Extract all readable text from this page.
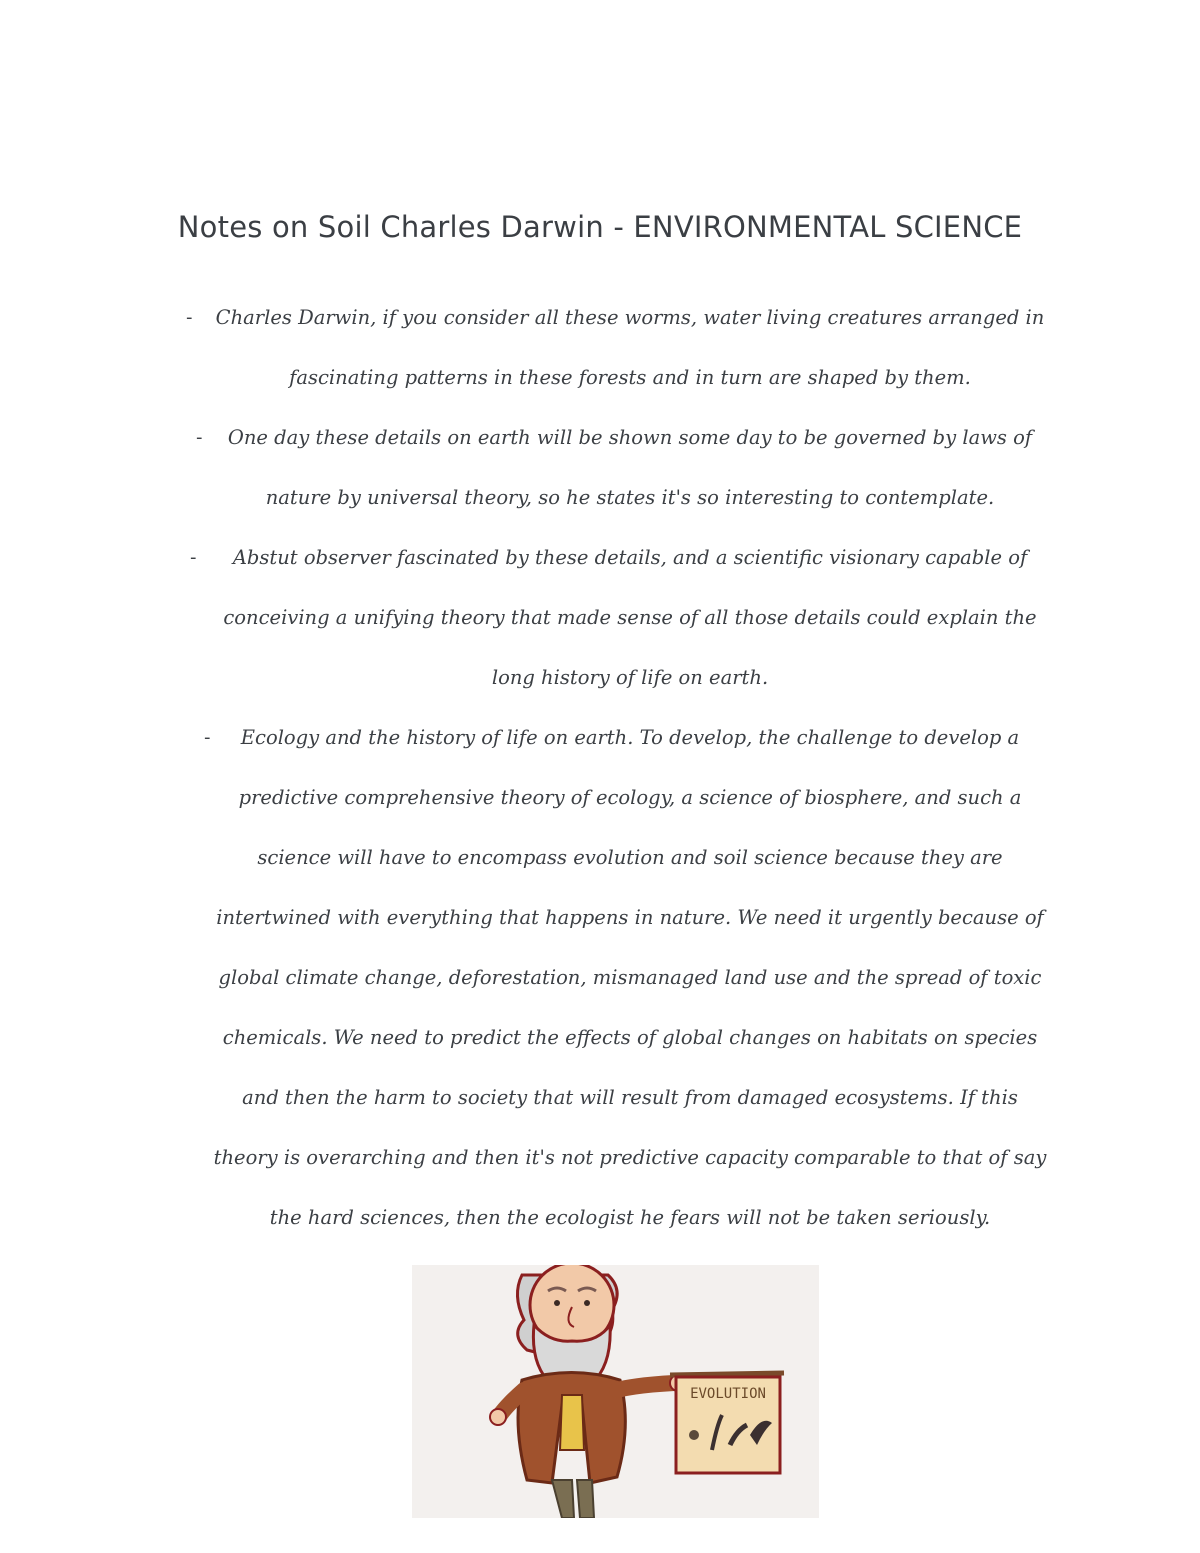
Notes on Soil Charles Darwin - ENVIRONMENTAL SCIENCE
-	Charles Darwin, if you consider all these worms, water living creatures arranged in fascinating patterns in these forests and in turn are shaped by them.
-	One day these details on earth will be shown some day to be governed by laws of nature by universal theory, so he states it's so interesting to contemplate.
-	Abstut observer fascinated by these details, and a scientific visionary capable of conceiving a unifying theory that made sense of all those details could explain the long history of life on earth.
-	Ecology and the history of life on earth. To develop, the challenge to develop a predictive comprehensive theory of ecology, a science of biosphere, and such a science will have to encompass evolution and soil science because they are intertwined with everything that happens in nature. We need it urgently because of global climate change, deforestation, mismanaged land use and the spread of toxic chemicals. We need to predict the effects of global changes on habitats on species and then the harm to society that will result from damaged ecosystems. If this theory is overarching and then it's not predictive capacity comparable to that of say the hard sciences, then the ecologist he fears will not be taken seriously.
EVOLUTION
